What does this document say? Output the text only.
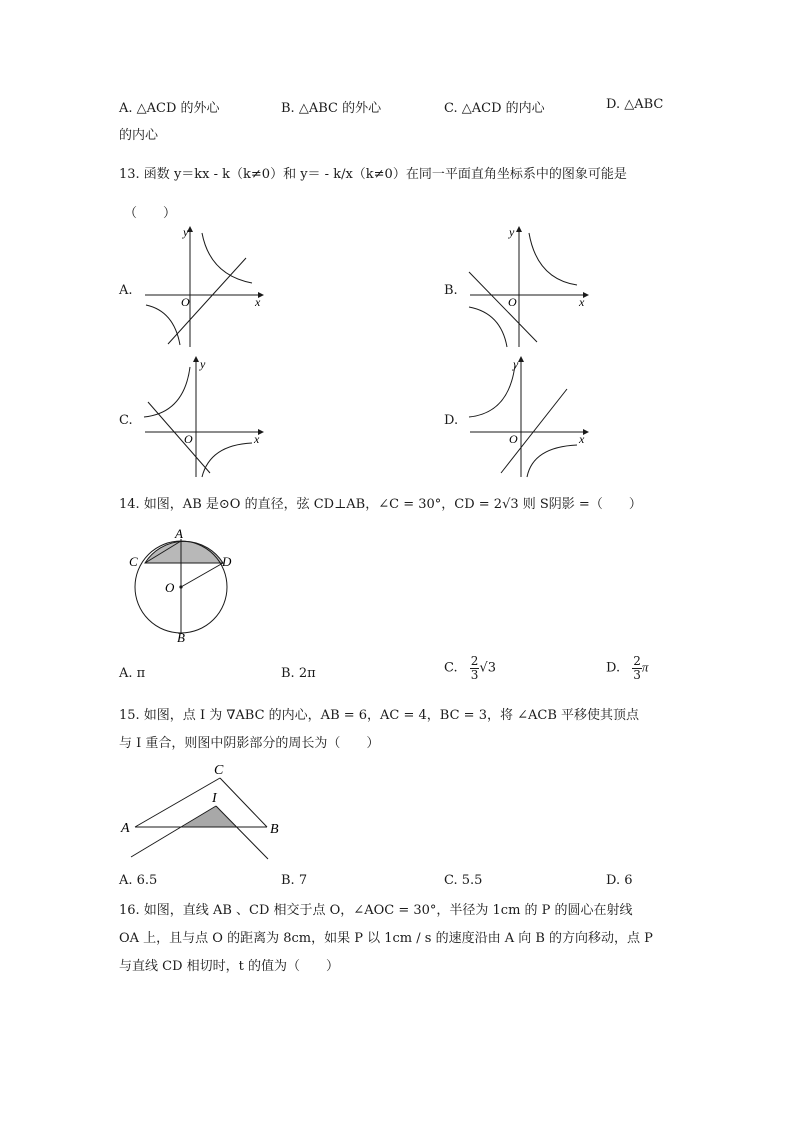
A. △ACD 的外心	B. △ABC 的外心	C. △ACD 的内心	D. △ABC
的内心
13. 函数 y＝kx - k（k≠0）和 y＝ - k/x（k≠0）在同一平面直角坐标系中的图象可能是
（　　）
A.	B.
C.	D.
y
x
O
y
x
O
y
x
O
y
x
O
14. 如图，AB 是⊙O 的直径，弦 CD⊥AB，∠C = 30°，CD = 2√3 则 S阴影 =（　　）
A
C	D
O
B
A. π	B. 2π	C. $\frac{2}{3} √3$	D. $\frac{2}{3}$ π
15. 如图，点 I 为 ∇ABC 的内心，AB = 6，AC = 4，BC = 3，将 ∠ACB 平移使其顶点
与 I 重合，则图中阴影部分的周长为（　　）
C
I
A	B
A. 6.5	B. 7	C. 5.5	D. 6
16. 如图，直线 AB 、CD 相交于点 O，∠AOC = 30°，半径为 1cm 的 P 的圆心在射线
OA 上，且与点 O 的距离为 8cm，如果 P 以 1cm / s 的速度沿由 A 向 B 的方向移动，点 P
与直线 CD 相切时，t 的值为（　　）
